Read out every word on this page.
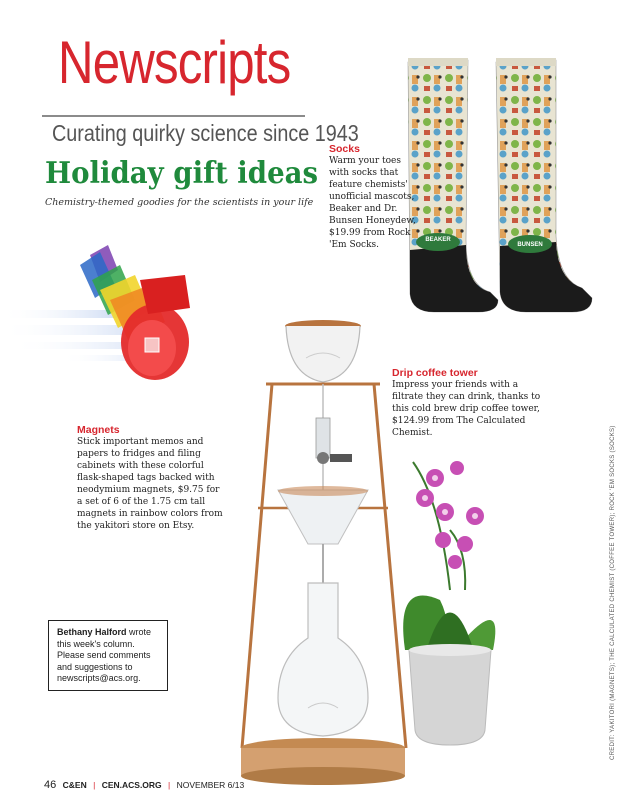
Newscripts
Curating quirky science since 1943
Holiday gift ideas
Chemistry-themed goodies for the scientists in your life
BEAKER
BUNSEN
Socks
Warm your toes with socks that feature chemists' unofficial mascots, Beaker and Dr. Bunsen Honeydew, $19.99 from Rock 'Em Socks.
Magnets
Stick important memos and papers to fridges and filing cabinets with these colorful flask-shaped tags backed with neodymium magnets, $9.75 for a set of 6 of the 1.75 cm tall magnets in rainbow colors from the yakitori store on Etsy.
Drip coffee tower
Impress your friends with a filtrate they can drink, thanks to this cold brew drip coffee tower, $124.99 from The Calculated Chemist.
Bethany Halford wrote this week's column. Please send comments and suggestions to newscripts@acs.org.	CREDIT: YAKITORI (MAGNETS); THE CALCULATED CHEMIST (COFFEE TOWER); ROCK 'EM SOCKS (SOCKS)
46 C&EN | CEN.ACS.ORG | NOVEMBER 6/13
